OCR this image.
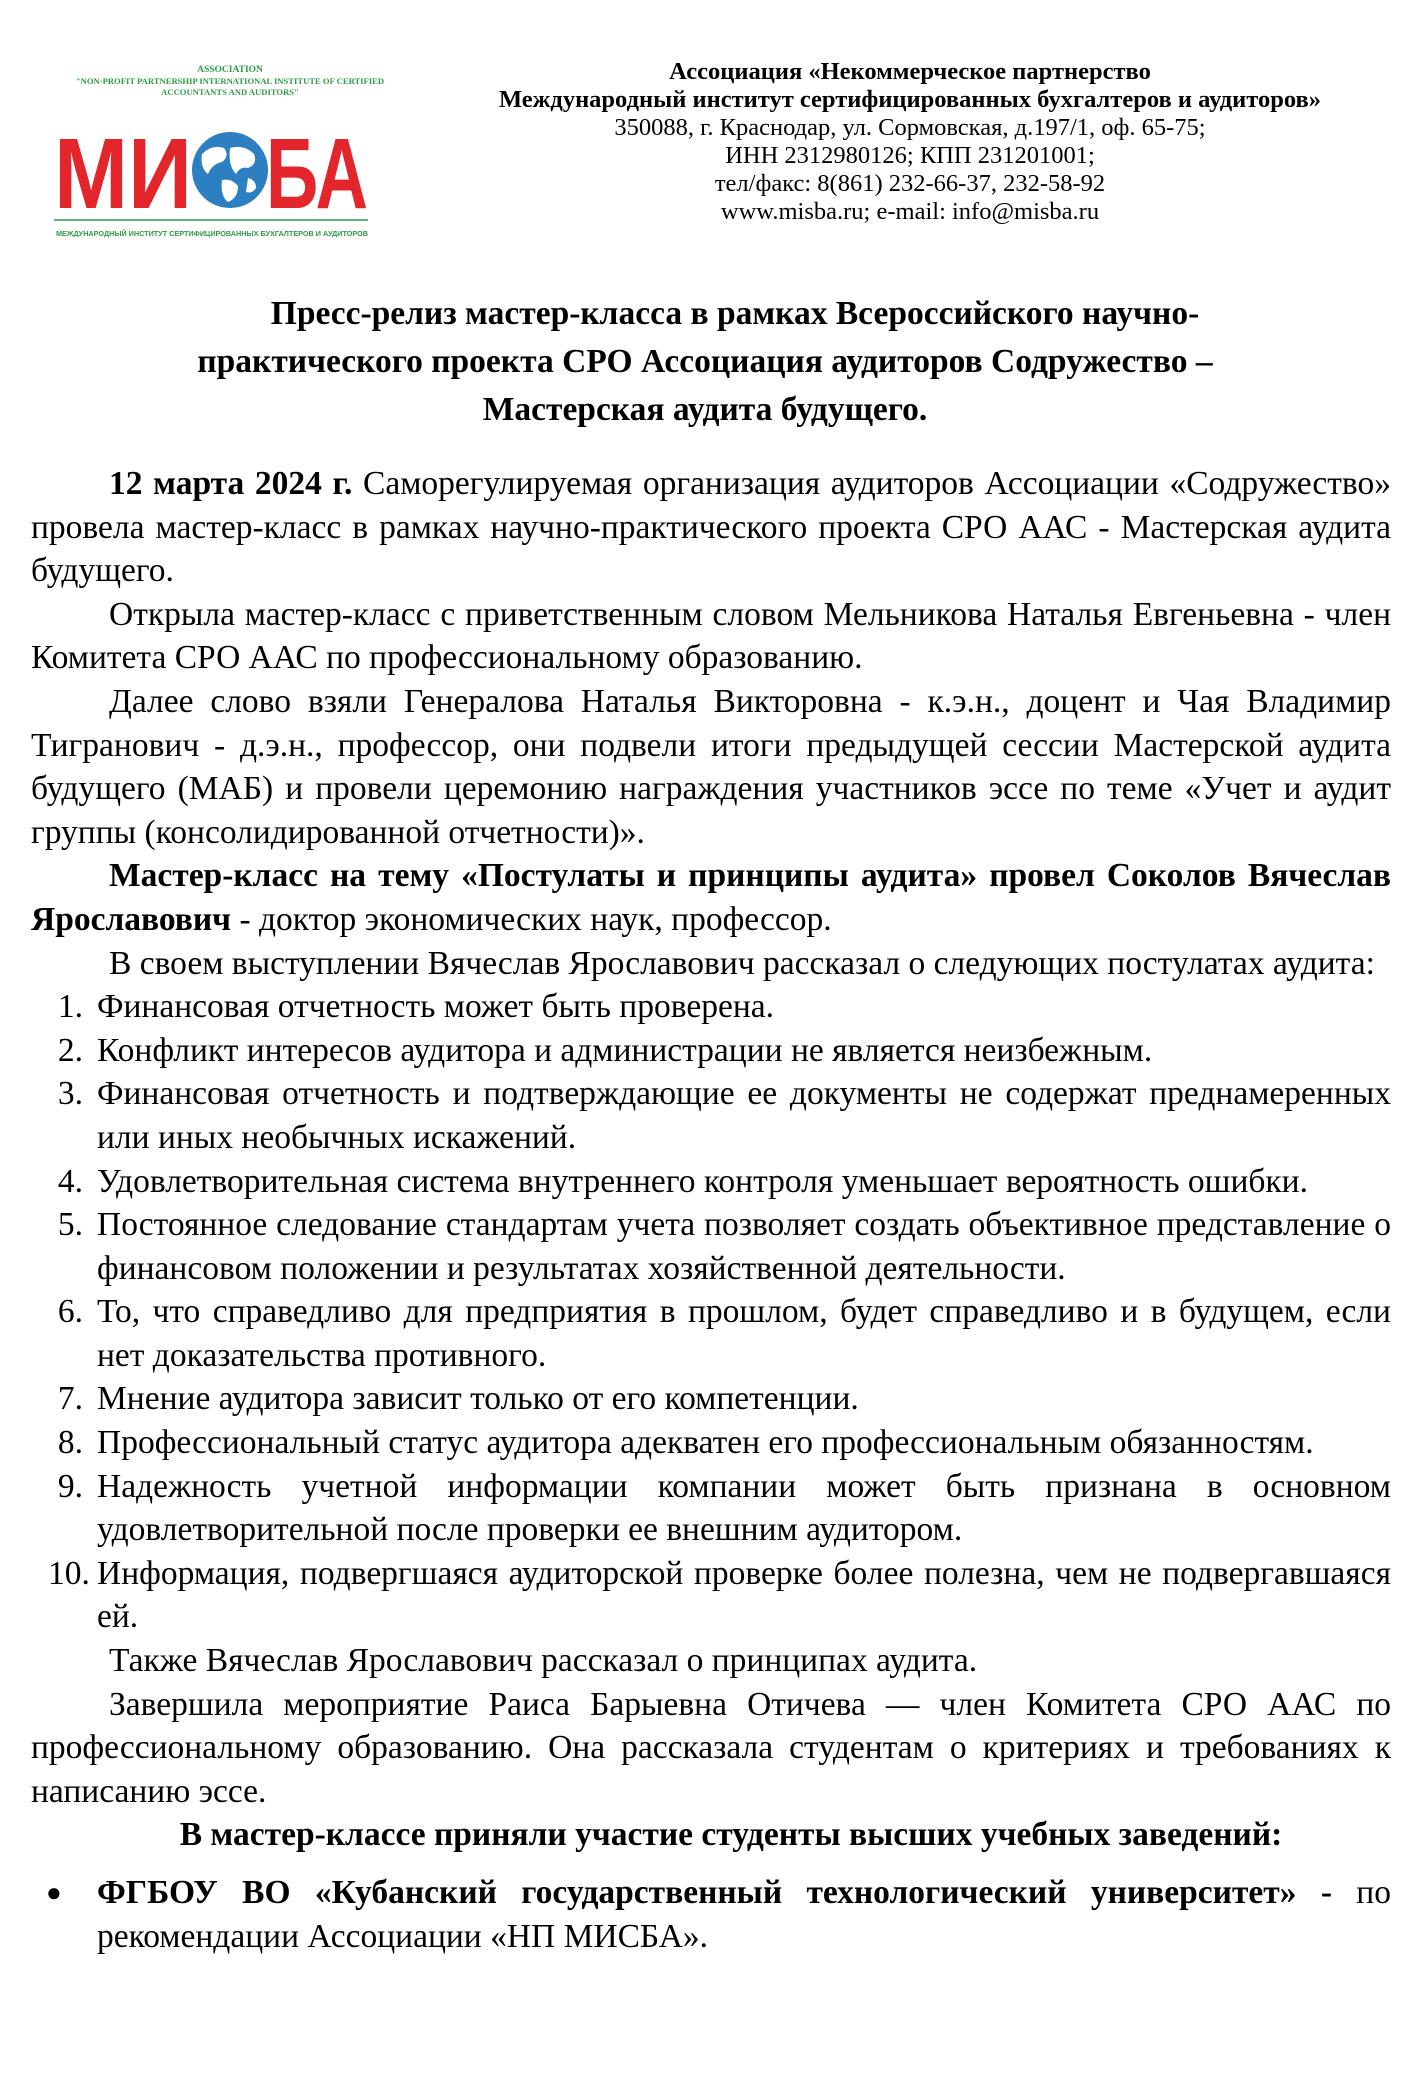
ASSOCIATION
"NON-PROFIT PARTNERSHIP INTERNATIONAL INSTITUTE OF CERTIFIED
ACCOUNTANTS AND AUDITORS"
МИ БА
МЕЖДУНАРОДНЫЙ ИНСТИТУТ СЕРТИФИЦИРОВАННЫХ БУХГАЛТЕРОВ И АУДИТОРОВ
Ассоциация «Некоммерческое партнерство
Международный институт сертифицированных бухгалтеров и аудиторов»
350088, г. Краснодар, ул. Сормовская, д.197/1, оф. 65-75;
ИНН 2312980126; КПП 231201001;
тел/факс: 8(861) 232-66-37, 232-58-92
www.misba.ru; e-mail: info@misba.ru
Пресс-релиз мастер-класса в рамках Всероссийского научно-
практического проекта СРО Ассоциация аудиторов Содружество –
Мастерская аудита будущего.

12 марта 2024 г. Саморегулируемая организация аудиторов Ассоциации «Содружество» провела мастер-класс в рамках научно-практического проекта СРО ААС - Мастерская аудита будущего.

Открыла мастер-класс с приветственным словом Мельникова Наталья Евгеньевна - член Комитета СРО ААС по профессиональному образованию.

Далее слово взяли Генералова Наталья Викторовна - к.э.н., доцент и Чая Владимир Тигранович - д.э.н., профессор, они подвели итоги предыдущей сессии Мастерской аудита будущего (МАБ) и провели церемонию награждения участников эссе по теме «Учет и аудит группы (консолидированной отчетности)».

Мастер-класс на тему «Постулаты и принципы аудита» провел Соколов Вячеслав Ярославович - доктор экономических наук, профессор.

В своем выступлении Вячеслав Ярославович рассказал о следующих постулатах аудита:

1. Финансовая отчетность может быть проверена.
2. Конфликт интересов аудитора и администрации не является неизбежным.
3. Финансовая отчетность и подтверждающие ее документы не содержат преднамеренных или иных необычных искажений.
4. Удовлетворительная система внутреннего контроля уменьшает вероятность ошибки.
5. Постоянное следование стандартам учета позволяет создать объективное представление о финансовом положении и результатах хозяйственной деятельности.
6. То, что справедливо для предприятия в прошлом, будет справедливо и в будущем, если нет доказательства противного.
7. Мнение аудитора зависит только от его компетенции.
8. Профессиональный статус аудитора адекватен его профессиональным обязанностям.
9. Надежность учетной информации компании может быть признана в основном удовлетворительной после проверки ее внешним аудитором.
10. Информация, подвергшаяся аудиторской проверке более полезна, чем не подвергавшаяся ей.

Также Вячеслав Ярославович рассказал о принципах аудита.

Завершила мероприятие Раиса Барыевна Отичева — член Комитета СРО ААС по профессиональному образованию. Она рассказала студентам о критериях и требованиях к написанию эссе.

В мастер-классе приняли участие студенты высших учебных заведений:

● ФГБОУ ВО «Кубанский государственный технологический университет» - по рекомендации Ассоциации «НП МИСБА».
